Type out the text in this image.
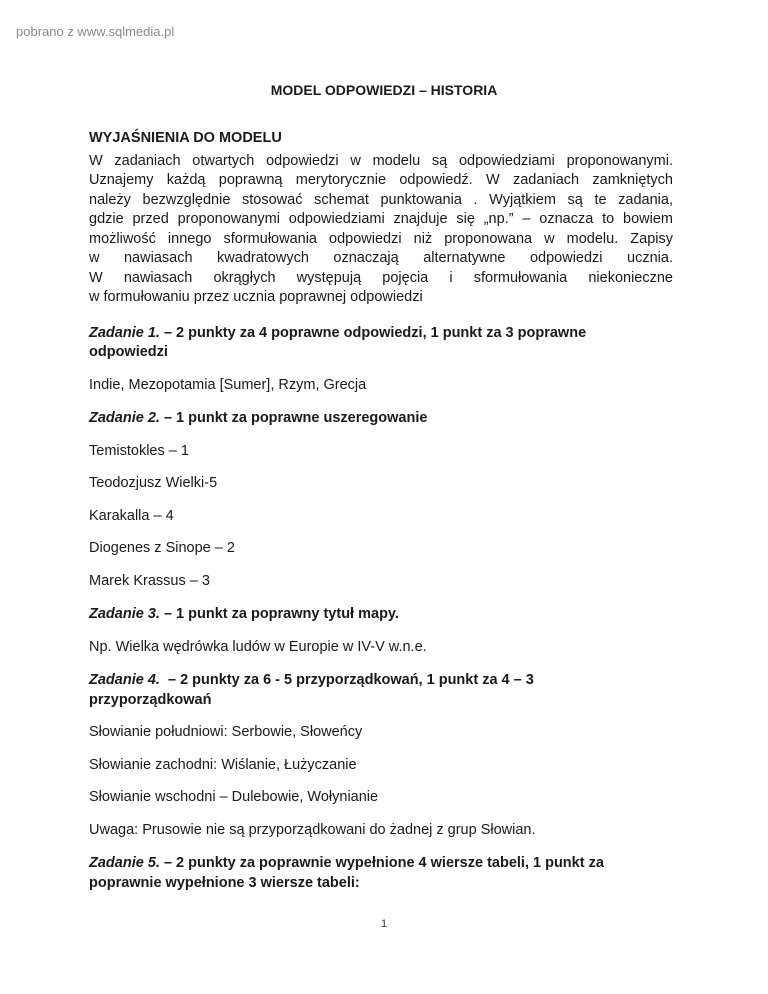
pobrano z www.sqlmedia.pl
MODEL ODPOWIEDZI – HISTORIA
WYJAŚNIENIA DO MODELU
W zadaniach otwartych odpowiedzi w modelu są odpowiedziami proponowanymi.
Uznajemy każdą poprawną merytorycznie odpowiedź. W zadaniach zamkniętych
należy bezwzględnie stosować schemat punktowania . Wyjątkiem są te zadania,
gdzie przed proponowanymi odpowiedziami znajduje się „np.” – oznacza to bowiem
możliwość innego sformułowania odpowiedzi niż proponowana w modelu. Zapisy
w nawiasach kwadratowych oznaczają alternatywne odpowiedzi ucznia.
W nawiasach okrągłych występują pojęcia i sformułowania niekonieczne
w formułowaniu przez ucznia poprawnej odpowiedzi
Zadanie 1. – 2 punkty za 4 poprawne odpowiedzi, 1 punkt za 3 poprawne
odpowiedzi
Indie, Mezopotamia [Sumer], Rzym, Grecja
Zadanie 2. – 1 punkt za poprawne uszeregowanie
Temistokles – 1
Teodozjusz Wielki-5
Karakalla – 4
Diogenes z Sinope – 2
Marek Krassus – 3
Zadanie 3. – 1 punkt za poprawny tytuł mapy.
Np. Wielka wędrówka ludów w Europie w IV-V w.n.e.
Zadanie 4.  – 2 punkty za 6 - 5 przyporządkowań, 1 punkt za 4 – 3
przyporządkowań
Słowianie południowi: Serbowie, Słoweńcy
Słowianie zachodni: Wiślanie, Łużyczanie
Słowianie wschodni – Dulebowie, Wołynianie
Uwaga: Prusowie nie są przyporządkowani do żadnej z grup Słowian.
Zadanie 5. – 2 punkty za poprawnie wypełnione 4 wiersze tabeli, 1 punkt za
poprawnie wypełnione 3 wiersze tabeli:
1
